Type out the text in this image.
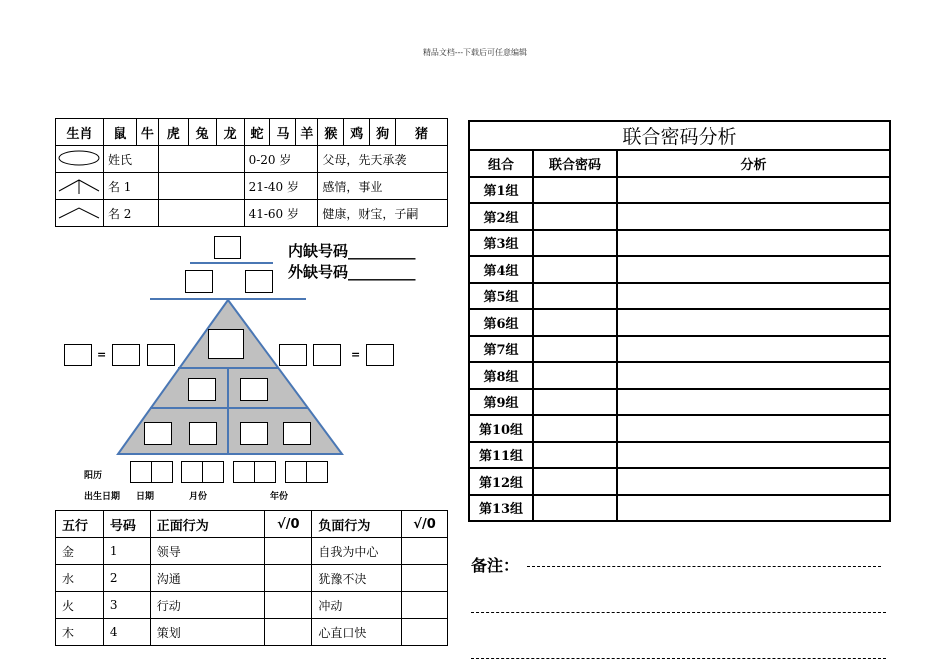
精品文档---下载后可任意编辑
生肖	鼠	牛	虎	兔	龙	蛇	马	羊	猴	鸡	狗	猪
	姓氏					0-20 岁			父母，先天承袭			
	名 1					21-40 岁			感情，事业			
	名 2					41-60 岁			健康，财宝，子嗣			
=	=
内缺号码_________
外缺号码_________
阳历
出生日期 日期	月份	年份
五行	号码	正面行为	√/0	负面行为	√/0
金	1	领导		自我为中心	
水	2	沟通		犹豫不决	
火	3	行动		冲动	
木	4	策划		心直口快	
联合密码分析		
组合	联合密码	分析
第1组		
第2组		
第3组		
第4组		
第5组		
第6组		
第7组		
第8组		
第9组		
第10组		
第11组		
第12组		
第13组		
备注：
